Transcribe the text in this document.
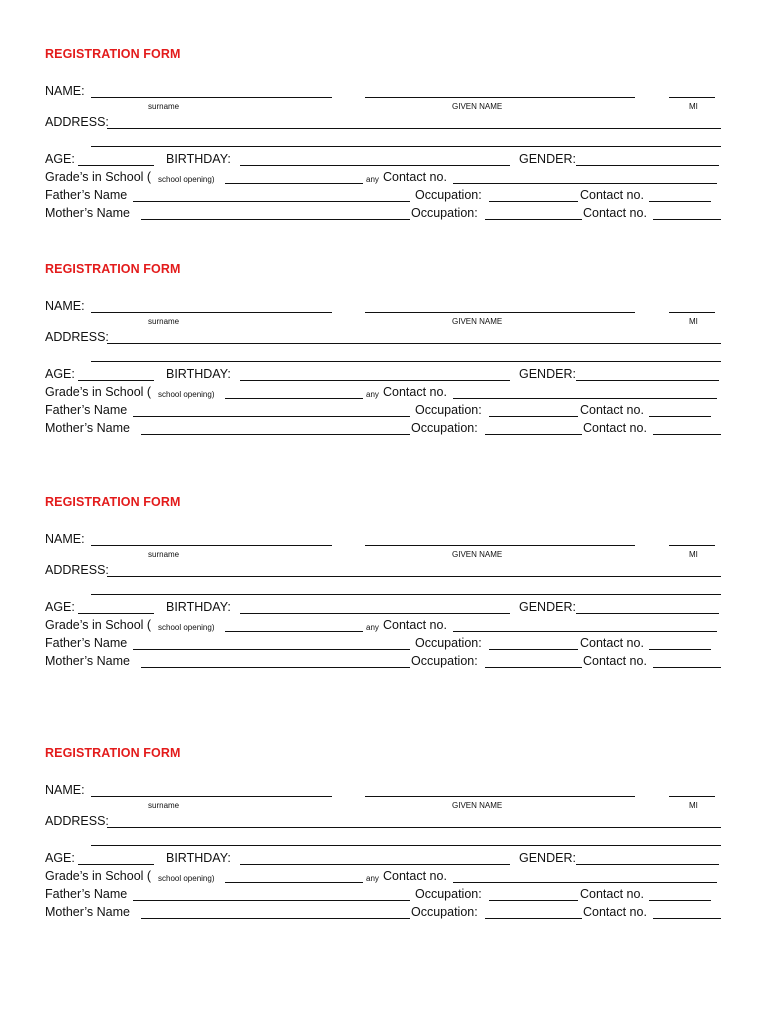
REGISTRATION FORM
NAME:
surname	GIVEN NAME	MI
ADDRESS:
AGE:	BIRTHDAY:	GENDER:
Grade’s in School ( school opening)	any Contact no.
Father’s Name	Occupation:	Contact no.
Mother’s Name	Occupation:	Contact no.
REGISTRATION FORM
NAME:
surname	GIVEN NAME	MI
ADDRESS:
AGE:	BIRTHDAY:	GENDER:
Grade’s in School ( school opening)	any Contact no.
Father’s Name	Occupation:	Contact no.
Mother’s Name	Occupation:	Contact no.
REGISTRATION FORM
NAME:
surname	GIVEN NAME	MI
ADDRESS:
AGE:	BIRTHDAY:	GENDER:
Grade’s in School ( school opening)	any Contact no.
Father’s Name	Occupation:	Contact no.
Mother’s Name	Occupation:	Contact no.
REGISTRATION FORM
NAME:
surname	GIVEN NAME	MI
ADDRESS:
AGE:	BIRTHDAY:	GENDER:
Grade’s in School ( school opening)	any Contact no.
Father’s Name	Occupation:	Contact no.
Mother’s Name	Occupation:	Contact no.
